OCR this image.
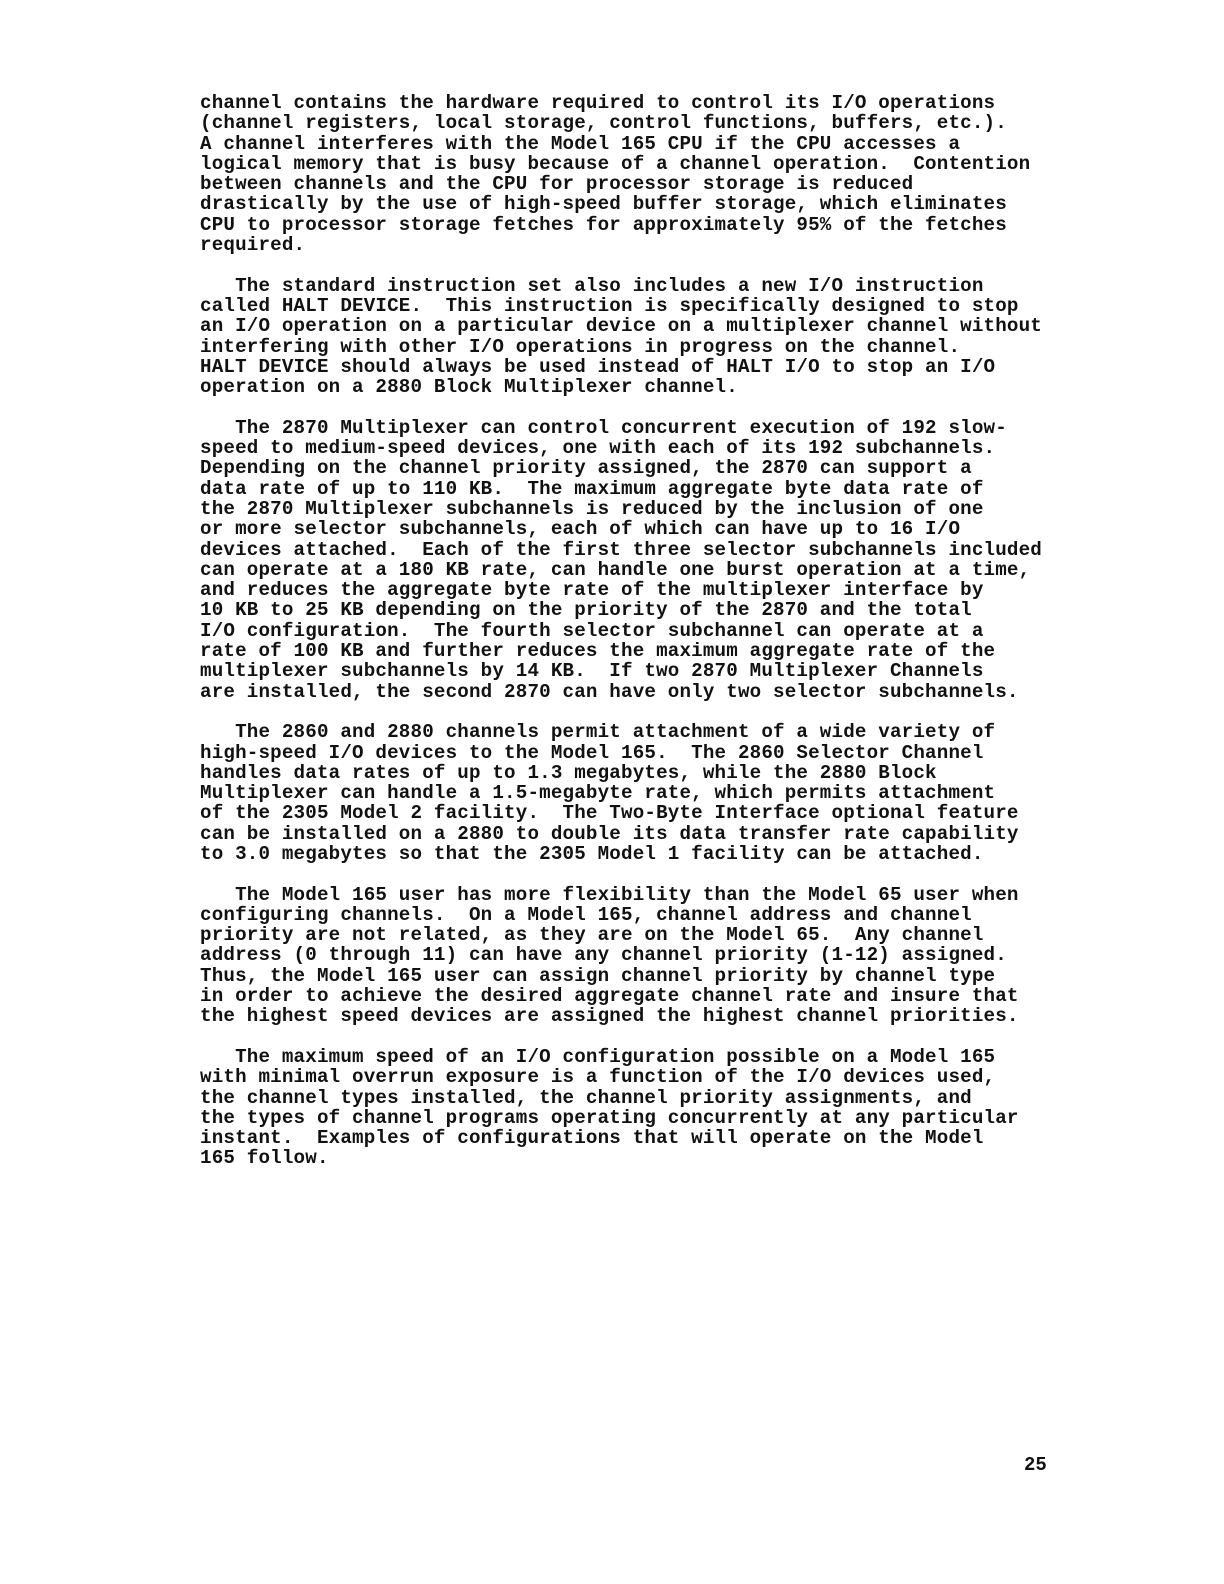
channel contains the hardware required to control its I/O operations
(channel registers, local storage, control functions, buffers, etc.).
A channel interferes with the Model 165 CPU if the CPU accesses a
logical memory that is busy because of a channel operation.  Contention
between channels and the CPU for processor storage is reduced
drastically by the use of high-speed buffer storage, which eliminates
CPU to processor storage fetches for approximately 95% of the fetches
required.

The standard instruction set also includes a new I/O instruction
called HALT DEVICE.  This instruction is specifically designed to stop
an I/O operation on a particular device on a multiplexer channel without
interfering with other I/O operations in progress on the channel.
HALT DEVICE should always be used instead of HALT I/O to stop an I/O
operation on a 2880 Block Multiplexer channel.

The 2870 Multiplexer can control concurrent execution of 192 slow-
speed to medium-speed devices, one with each of its 192 subchannels.
Depending on the channel priority assigned, the 2870 can support a
data rate of up to 110 KB.  The maximum aggregate byte data rate of
the 2870 Multiplexer subchannels is reduced by the inclusion of one
or more selector subchannels, each of which can have up to 16 I/O
devices attached.  Each of the first three selector subchannels included
can operate at a 180 KB rate, can handle one burst operation at a time,
and reduces the aggregate byte rate of the multiplexer interface by
10 KB to 25 KB depending on the priority of the 2870 and the total
I/O configuration.  The fourth selector subchannel can operate at a
rate of 100 KB and further reduces the maximum aggregate rate of the
multiplexer subchannels by 14 KB.  If two 2870 Multiplexer Channels
are installed, the second 2870 can have only two selector subchannels.

The 2860 and 2880 channels permit attachment of a wide variety of
high-speed I/O devices to the Model 165.  The 2860 Selector Channel
handles data rates of up to 1.3 megabytes, while the 2880 Block
Multiplexer can handle a 1.5-megabyte rate, which permits attachment
of the 2305 Model 2 facility.  The Two-Byte Interface optional feature
can be installed on a 2880 to double its data transfer rate capability
to 3.0 megabytes so that the 2305 Model 1 facility can be attached.

The Model 165 user has more flexibility than the Model 65 user when
configuring channels.  On a Model 165, channel address and channel
priority are not related, as they are on the Model 65.  Any channel
address (0 through 11) can have any channel priority (1-12) assigned.
Thus, the Model 165 user can assign channel priority by channel type
in order to achieve the desired aggregate channel rate and insure that
the highest speed devices are assigned the highest channel priorities.

The maximum speed of an I/O configuration possible on a Model 165
with minimal overrun exposure is a function of the I/O devices used,
the channel types installed, the channel priority assignments, and
the types of channel programs operating concurrently at any particular
instant.  Examples of configurations that will operate on the Model
165 follow.

25
